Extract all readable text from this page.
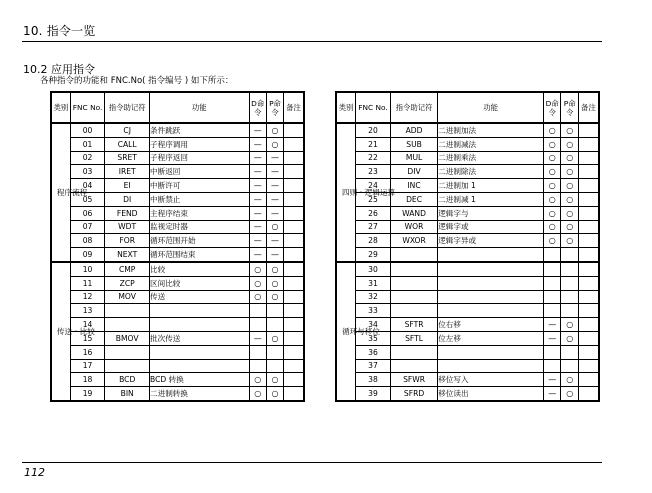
10. 指令一览
10.2 应用指令
各种指令的功能和 FNC.No( 指令编号 ) 如下所示：
类别	FNC No.	指令助记符	功能	D命令	P命令	备注
程序流程	00	CJ	条件跳跃	—	○	
	01	CALL	子程序调用	—	○	
	02	SRET	子程序返回	—	—	
	03	IRET	中断返回	—	—	
	04	EI	中断许可	—	—	
	05	DI	中断禁止	—	—	
	06	FEND	主程序结束	—	—	
	07	WDT	监视定时器	—	○	
	08	FOR	循环范围开始	—	—	
	09	NEXT	循环范围结束	—	—	
传送・比较	10	CMP	比较	○	○	
	11	ZCP	区间比较	○	○	
	12	MOV	传送	○	○	
	13					
	14					
	15	BMOV	批次传送	—	○	
	16					
	17					
	18	BCD	BCD 转换	○	○	
	19	BIN	二进制转换	○	○	
类别	FNC No.	指令助记符	功能	D命令	P命令	备注
四则・逻辑运算	20	ADD	二进制加法	○	○	
	21	SUB	二进制减法	○	○	
	22	MUL	二进制乘法	○	○	
	23	DIV	二进制除法	○	○	
	24	INC	二进制加 1	○	○	
	25	DEC	二进制减 1	○	○	
	26	WAND	逻辑字与	○	○	
	27	WOR	逻辑字或	○	○	
	28	WXOR	逻辑字异或	○	○	
	29					
循环与移位	30					
	31					
	32					
	33					
	34	SFTR	位右移	—	○	
	35	SFTL	位左移	—	○	
	36					
	37					
	38	SFWR	移位写入	—	○	
	39	SFRD	移位读出	—	○	
112
